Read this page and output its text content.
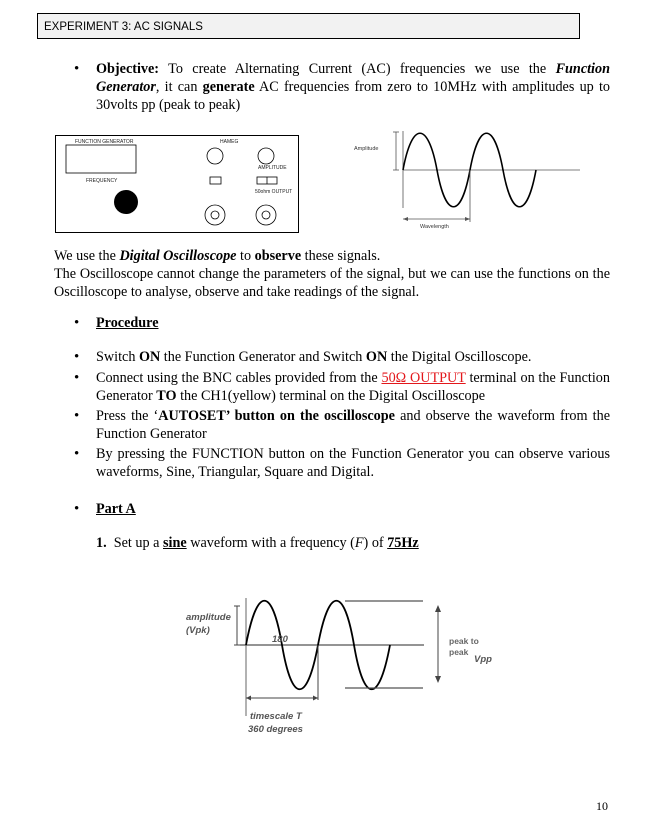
EXPERIMENT 3: AC SIGNALS
• Objective: To create Alternating Current (AC) frequencies we use the Function Generator, it can generate AC frequencies from zero to 10MHz with amplitudes up to 30volts pp (peak to peak)
FUNCTION GENERATOR	HAMEG
AMPLITUDE
FREQUENCY
50ohm OUTPUT
Amplitude
Wavelength
We use the Digital Oscilloscope to observe these signals.
The Oscilloscope cannot change the parameters of the signal, but we can use the functions on the Oscilloscope to analyse, observe and take readings of the signal.
• Procedure
• Switch ON the Function Generator and Switch ON the Digital Oscilloscope.
• Connect using the BNC cables provided from the 50Ω OUTPUT terminal on the Function Generator TO the CH1(yellow) terminal on the Digital Oscilloscope
• Press the ‘AUTOSET’ button on the oscilloscope and observe the waveform from the Function Generator
• By pressing the FUNCTION button on the Function Generator you can observe various waveforms, Sine, Triangular, Square and Digital.
• Part A
1. Set up a sine waveform with a frequency (F) of 75Hz
amplitude
(Vpk)
180	peak to
peak
Vpp
timescale T
360 degrees
10
